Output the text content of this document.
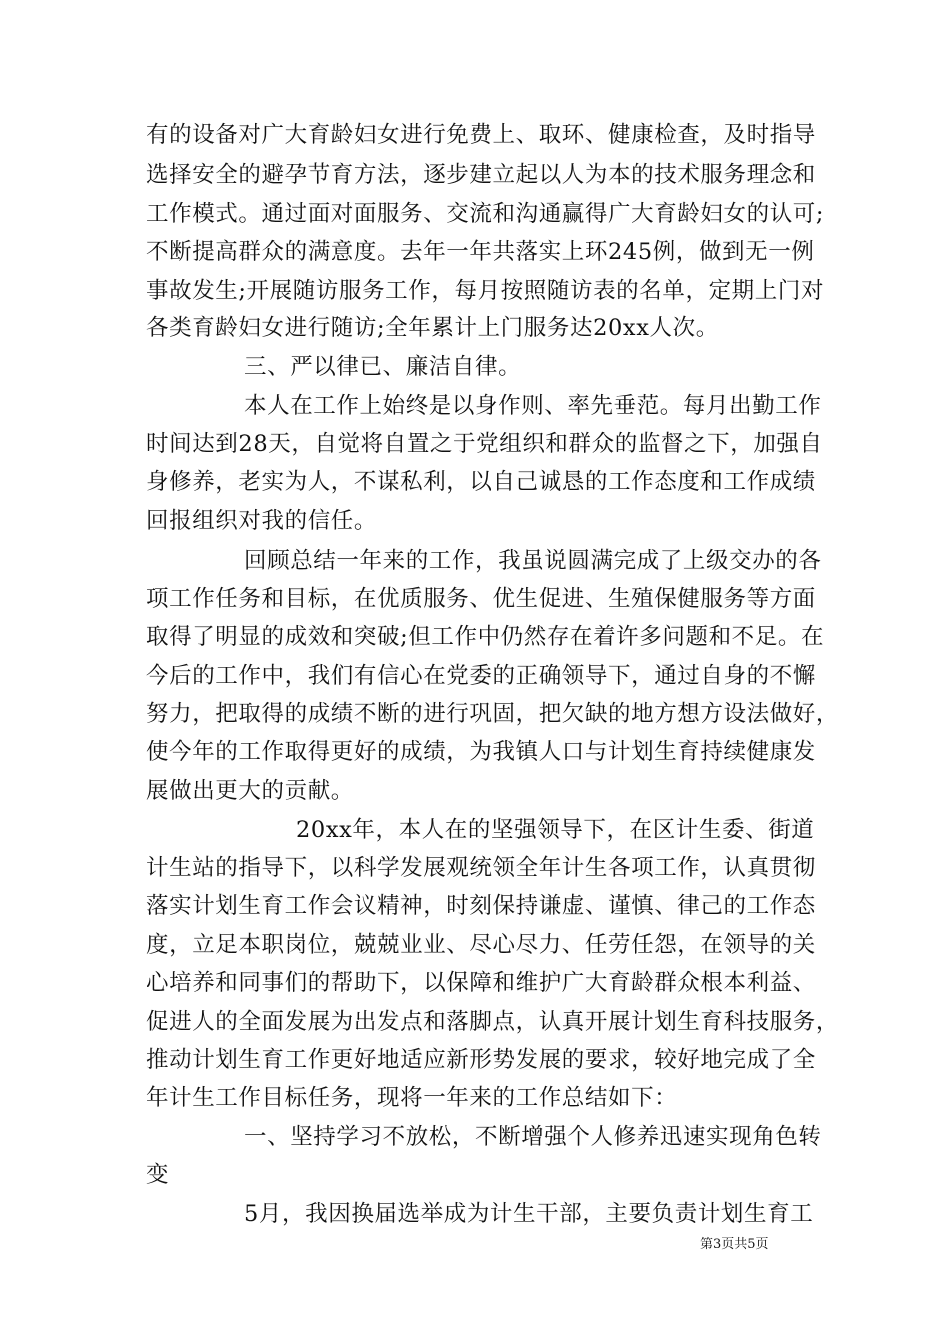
有的设备对广大育龄妇女进行免费上、取环、健康检查，及时指导
选择安全的避孕节育方法，逐步建立起以人为本的技术服务理念和
工作模式。通过面对面服务、交流和沟通赢得广大育龄妇女的认可;
不断提高群众的满意度。去年一年共落实上环245例，做到无一例
事故发生;开展随访服务工作，每月按照随访表的名单，定期上门对
各类育龄妇女进行随访;全年累计上门服务达20xx人次。
三、严以律已、廉洁自律。
本人在工作上始终是以身作则、率先垂范。每月出勤工作
时间达到28天，自觉将自置之于党组织和群众的监督之下，加强自
身修养，老实为人，不谋私利，以自己诚恳的工作态度和工作成绩
回报组织对我的信任。
回顾总结一年来的工作，我虽说圆满完成了上级交办的各
项工作任务和目标，在优质服务、优生促进、生殖保健服务等方面
取得了明显的成效和突破;但工作中仍然存在着许多问题和不足。在
今后的工作中，我们有信心在党委的正确领导下，通过自身的不懈
努力，把取得的成绩不断的进行巩固，把欠缺的地方想方设法做好，
使今年的工作取得更好的成绩，为我镇人口与计划生育持续健康发
展做出更大的贡献。
20xx年，本人在的坚强领导下，在区计生委、街道
计生站的指导下，以科学发展观统领全年计生各项工作，认真贯彻
落实计划生育工作会议精神，时刻保持谦虚、谨慎、律己的工作态
度，立足本职岗位，兢兢业业、尽心尽力、任劳任怨，在领导的关
心培养和同事们的帮助下，以保障和维护广大育龄群众根本利益、
促进人的全面发展为出发点和落脚点，认真开展计划生育科技服务，
推动计划生育工作更好地适应新形势发展的要求，较好地完成了全
年计生工作目标任务，现将一年来的工作总结如下：
一、坚持学习不放松，不断增强个人修养迅速实现角色转
变
5月，我因换届选举成为计生干部，主要负责计划生育工
第3页共5页
